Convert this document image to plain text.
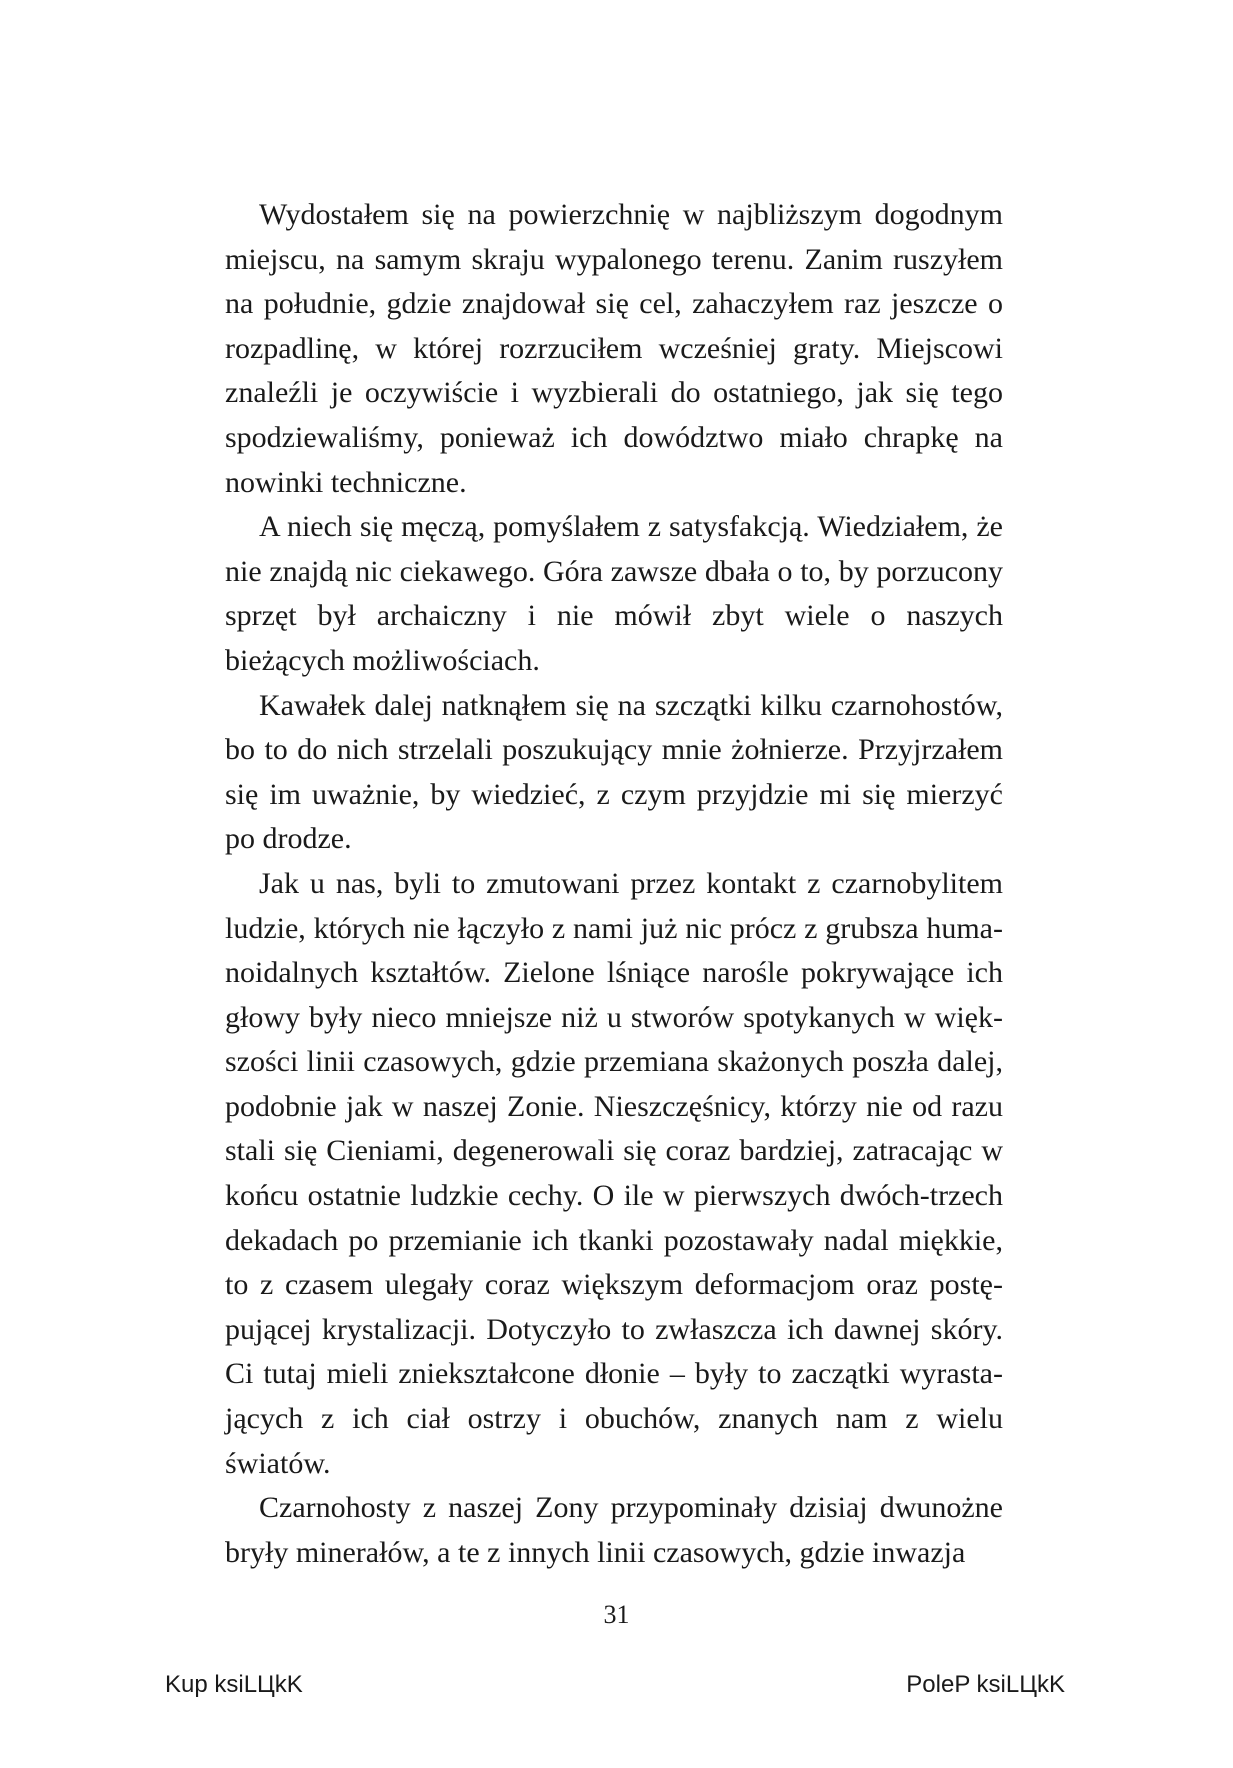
Wydostałem się na powierzchnię w najbliższym dogodnym miejscu, na samym skraju wypalonego terenu. Zanim ruszyłem na południe, gdzie znajdował się cel, zahaczyłem raz jeszcze o rozpadlinę, w której rozrzuciłem wcześniej graty. Miejscowi znaleźli je oczywiście i wyzbierali do ostatniego, jak się tego spodziewaliśmy, ponieważ ich dowództwo miało chrapkę na nowinki techniczne.

A niech się męczą, pomyślałem z satysfakcją. Wiedziałem, że nie znajdą nic ciekawego. Góra zawsze dbała o to, by porzucony sprzęt był archaiczny i nie mówił zbyt wiele o naszych bieżących możliwościach.

Kawałek dalej natknąłem się na szczątki kilku czarnohostów, bo to do nich strzelali poszukujący mnie żołnierze. Przyjrzałem się im uważnie, by wiedzieć, z czym przyjdzie mi się mierzyć po drodze.

Jak u nas, byli to zmutowani przez kontakt z czarnobylitem ludzie, których nie łączyło z nami już nic prócz z grubsza humanoidalnych kształtów. Zielone lśniące narośle pokrywające ich głowy były nieco mniejsze niż u stworów spotykanych w większości linii czasowych, gdzie przemiana skażonych poszła dalej, podobnie jak w naszej Zonie. Nieszczęśnicy, którzy nie od razu stali się Cieniami, degenerowali się coraz bardziej, zatracając w końcu ostatnie ludzkie cechy. O ile w pierwszych dwóch-trzech dekadach po przemianie ich tkanki pozostawały nadal miękkie, to z czasem ulegały coraz większym deformacjom oraz postępującej krystalizacji. Dotyczyło to zwłaszcza ich dawnej skóry. Ci tutaj mieli zniekształcone dłonie – były to zaczątki wyrastających z ich ciał ostrzy i obuchów, znanych nam z wielu światów.

Czarnohosty z naszej Zony przypominały dzisiaj dwunożne bryły minerałów, a te z innych linii czasowych, gdzie inwazja

31
Kup ksiLЦkK	PoleP ksiLЦkK
